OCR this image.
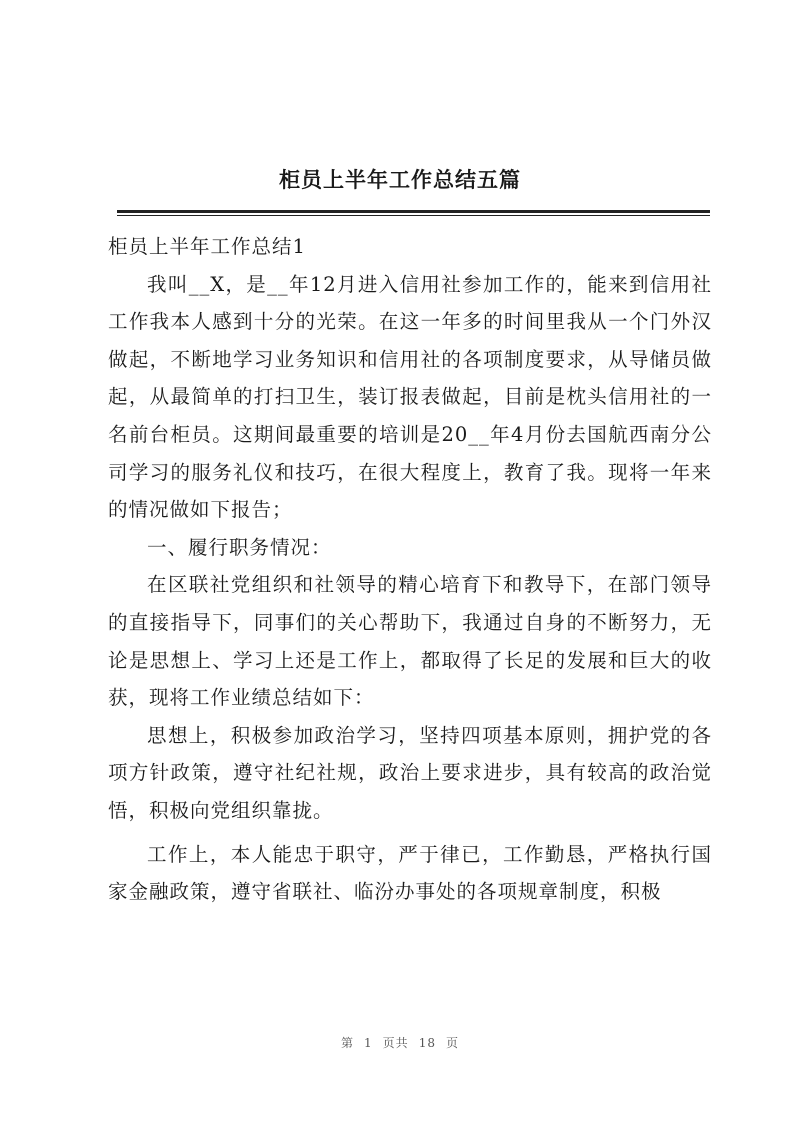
柜员上半年工作总结五篇

柜员上半年工作总结1

我叫__X，是__年12月进入信用社参加工作的，能来到信用社工作我本人感到十分的光荣。在这一年多的时间里我从一个门外汉做起，不断地学习业务知识和信用社的各项制度要求，从导储员做起，从最简单的打扫卫生，装订报表做起，目前是枕头信用社的一名前台柜员。这期间最重要的培训是20__年4月份去国航西南分公司学习的服务礼仪和技巧，在很大程度上，教育了我。现将一年来的情况做如下报告；

一、履行职务情况：

在区联社党组织和社领导的精心培育下和教导下，在部门领导的直接指导下，同事们的关心帮助下，我通过自身的不断努力，无论是思想上、学习上还是工作上，都取得了长足的发展和巨大的收获，现将工作业绩总结如下：

思想上，积极参加政治学习，坚持四项基本原则，拥护党的各项方针政策，遵守社纪社规，政治上要求进步，具有较高的政治觉悟，积极向党组织靠拢。

工作上，本人能忠于职守，严于律已，工作勤恳，严格执行国家金融政策，遵守省联社、临汾办事处的各项规章制度，积极

第 1 页共 18 页
